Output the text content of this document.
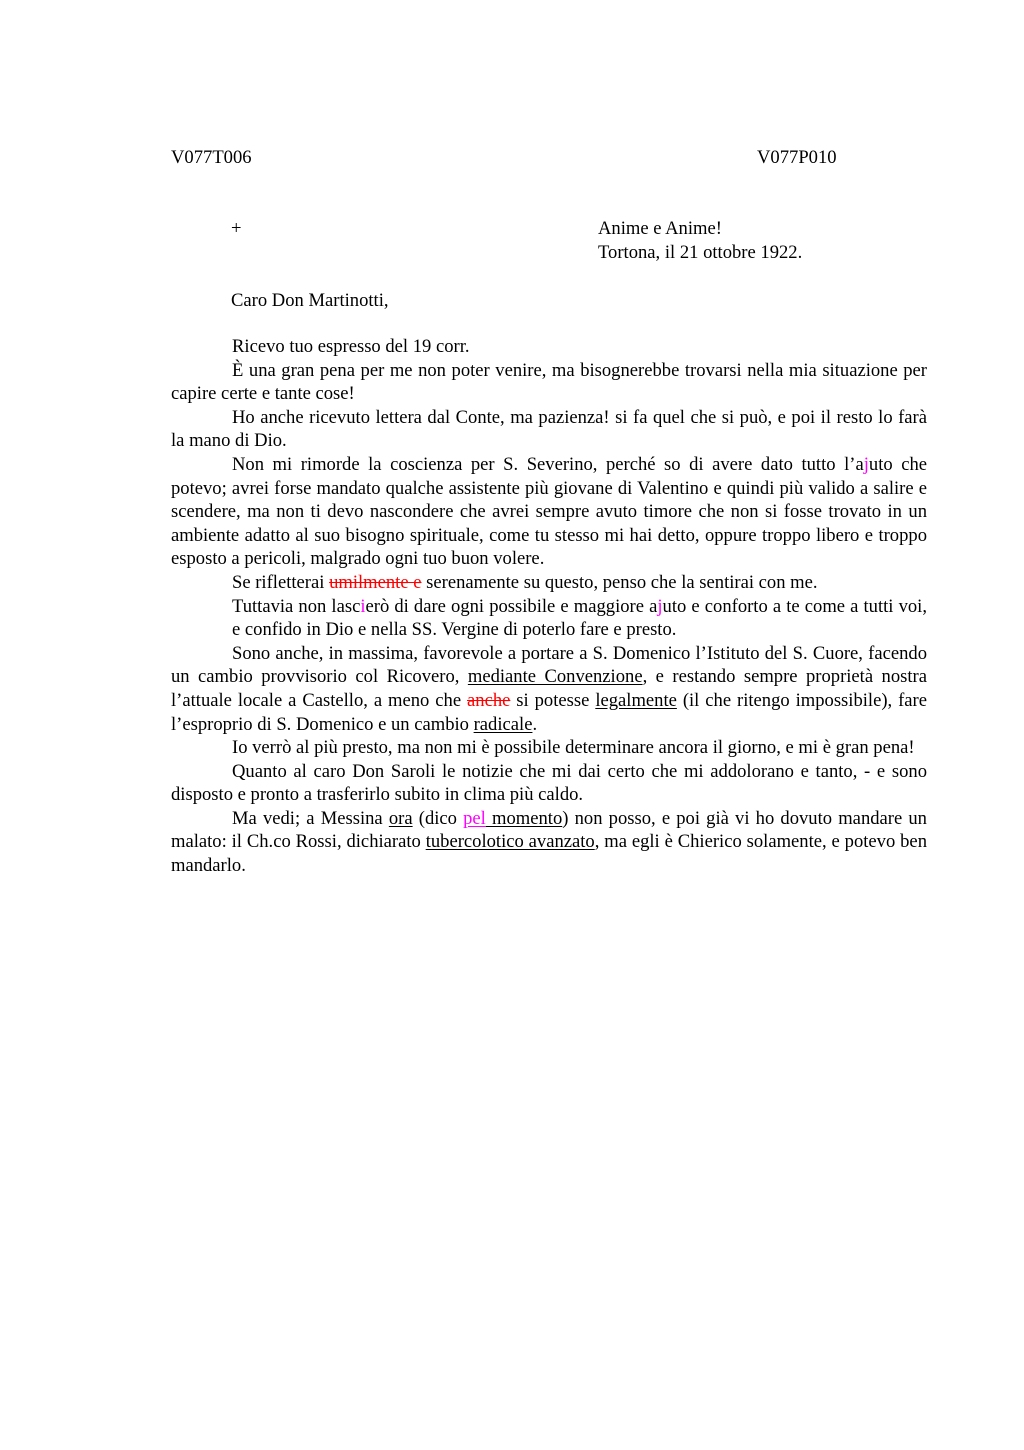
V077T006	V077P010
+	Anime e Anime!
Tortona, il 21 ottobre 1922.
Caro Don Martinotti,

Ricevo tuo espresso del 19 corr.

È una gran pena per me non poter venire, ma bisognerebbe trovarsi nella mia situazione per capire certe e tante cose!

Ho anche ricevuto lettera dal Conte, ma pazienza! si fa quel che si può, e poi il resto lo farà la mano di Dio.

Non mi rimorde la coscienza per S. Severino, perché so di avere dato tutto l’ajuto che potevo; avrei forse mandato qualche assistente più giovane di Valentino e quindi più valido a salire e scendere, ma non ti devo nascondere che avrei sempre avuto timore che non si fosse trovato in un ambiente adatto al suo bisogno spirituale, come tu stesso mi hai detto, oppure troppo libero e troppo esposto a pericoli, malgrado ogni tuo buon volere.

Se rifletterai umilmente e serenamente su questo, penso che la sentirai con me.

Tuttavia non lascierò di dare ogni possibile e maggiore ajuto e conforto a te come a tutti voi, e confido in Dio e nella SS. Vergine di poterlo fare e presto.

Sono anche, in massima, favorevole a portare a S. Domenico l’Istituto del S. Cuore, facendo un cambio provvisorio col Ricovero, mediante Convenzione, e restando sempre proprietà nostra l’attuale locale a Castello, a meno che anche si potesse legalmente (il che ritengo impossibile), fare l’esproprio di S. Domenico e un cambio radicale.

Io verrò al più presto, ma non mi è possibile determinare ancora il giorno, e mi è gran pena!

Quanto al caro Don Saroli le notizie che mi dai certo che mi addolorano e tanto, - e sono disposto e pronto a trasferirlo subito in clima più caldo.

Ma vedi; a Messina ora (dico pel momento) non posso, e poi già vi ho dovuto mandare un malato: il Ch.co Rossi, dichiarato tubercolotico avanzato, ma egli è Chierico solamente, e potevo ben mandarlo.
